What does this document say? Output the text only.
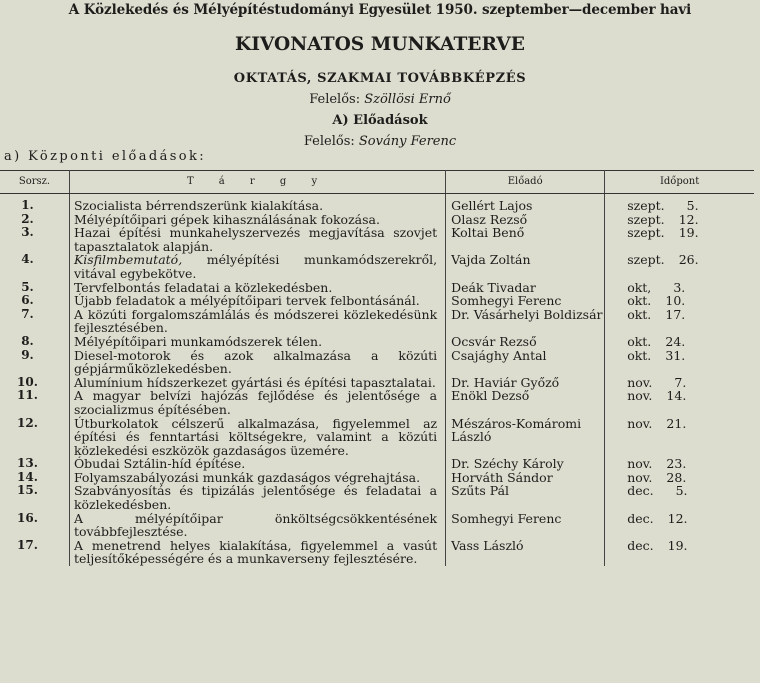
A Közlekedés és Mélyépítéstudományi Egyesület 1950. szeptember—december havi
KIVONATOS MUNKATERVE
OKTATÁS, SZAKMAI TOVÁBBKÉPZÉS
Felelős: Szöllösi Ernő
A) Előadások
Felelős: Sovány Ferenc
a) Központi előadások:
Sorsz.	T á r g y	Előadó	Időpont

1.	Szocialista bérrendszerünk kialakítása.	Gellért Lajos	szept. 5.
2.	Mélyépítőipari gépek kihasználásának fokozása.	Olasz Rezső	szept. 12.
3.	Hazai építési munkahelyszervezés megjavítása szovjet tapasztalatok alapján.	Koltai Benő	szept. 19.
4.	Kisfilmbemutató, mélyépítési munkamódszerekről, vitával egybekötve.	Vajda Zoltán	szept. 26.
5.	Tervfelbontás feladatai a közlekedésben.	Deák Tivadar	okt, 3.
6.	Újabb feladatok a mélyépítőipari tervek felbontásánál.	Somhegyi Ferenc	okt. 10.
7.	A közúti forgalomszámlálás és módszerei közlekedésünk fejlesztésében.	Dr. Vásárhelyi Boldizsár	okt. 17.
8.	Mélyépítőipari munkamódszerek télen.	Ocsvár Rezső	okt. 24.
9.	Diesel-motorok és azok alkalmazása a közúti gépjárműközlekedésben.	Csajághy Antal	okt. 31.
10.	Alumínium hídszerkezet gyártási és építési tapasztalatai.	Dr. Haviár Győző	nov. 7.
11.	A magyar belvízi hajózás fejlődése és jelentősége a szocializmus építésében.	Enökl Dezső	nov. 14.
12.	Útburkolatok célszerű alkalmazása, figyelemmel az építési és fenntartási költségekre, valamint a közúti közlekedési eszközök gazdaságos üzemére.	Mészáros-Komáromi László	nov. 21.
13.	Óbudai Sztálin-híd építése.	Dr. Széchy Károly	nov. 23.
14.	Folyamszabályozási munkák gazdaságos végrehajtása.	Horváth Sándor	nov. 28.
15.	Szabványosítás és tipizálás jelentősége és feladatai a közlekedésben.	Szűts Pál	dec. 5.
16.	A mélyépítőipar önköltségcsökkentésének továbbfejlesztése.	Somhegyi Ferenc	dec. 12.
17.	A menetrend helyes kialakítása, figyelemmel a vasút teljesítőképességére és a munkaverseny fejlesztésére.	Vass László	dec. 19.
